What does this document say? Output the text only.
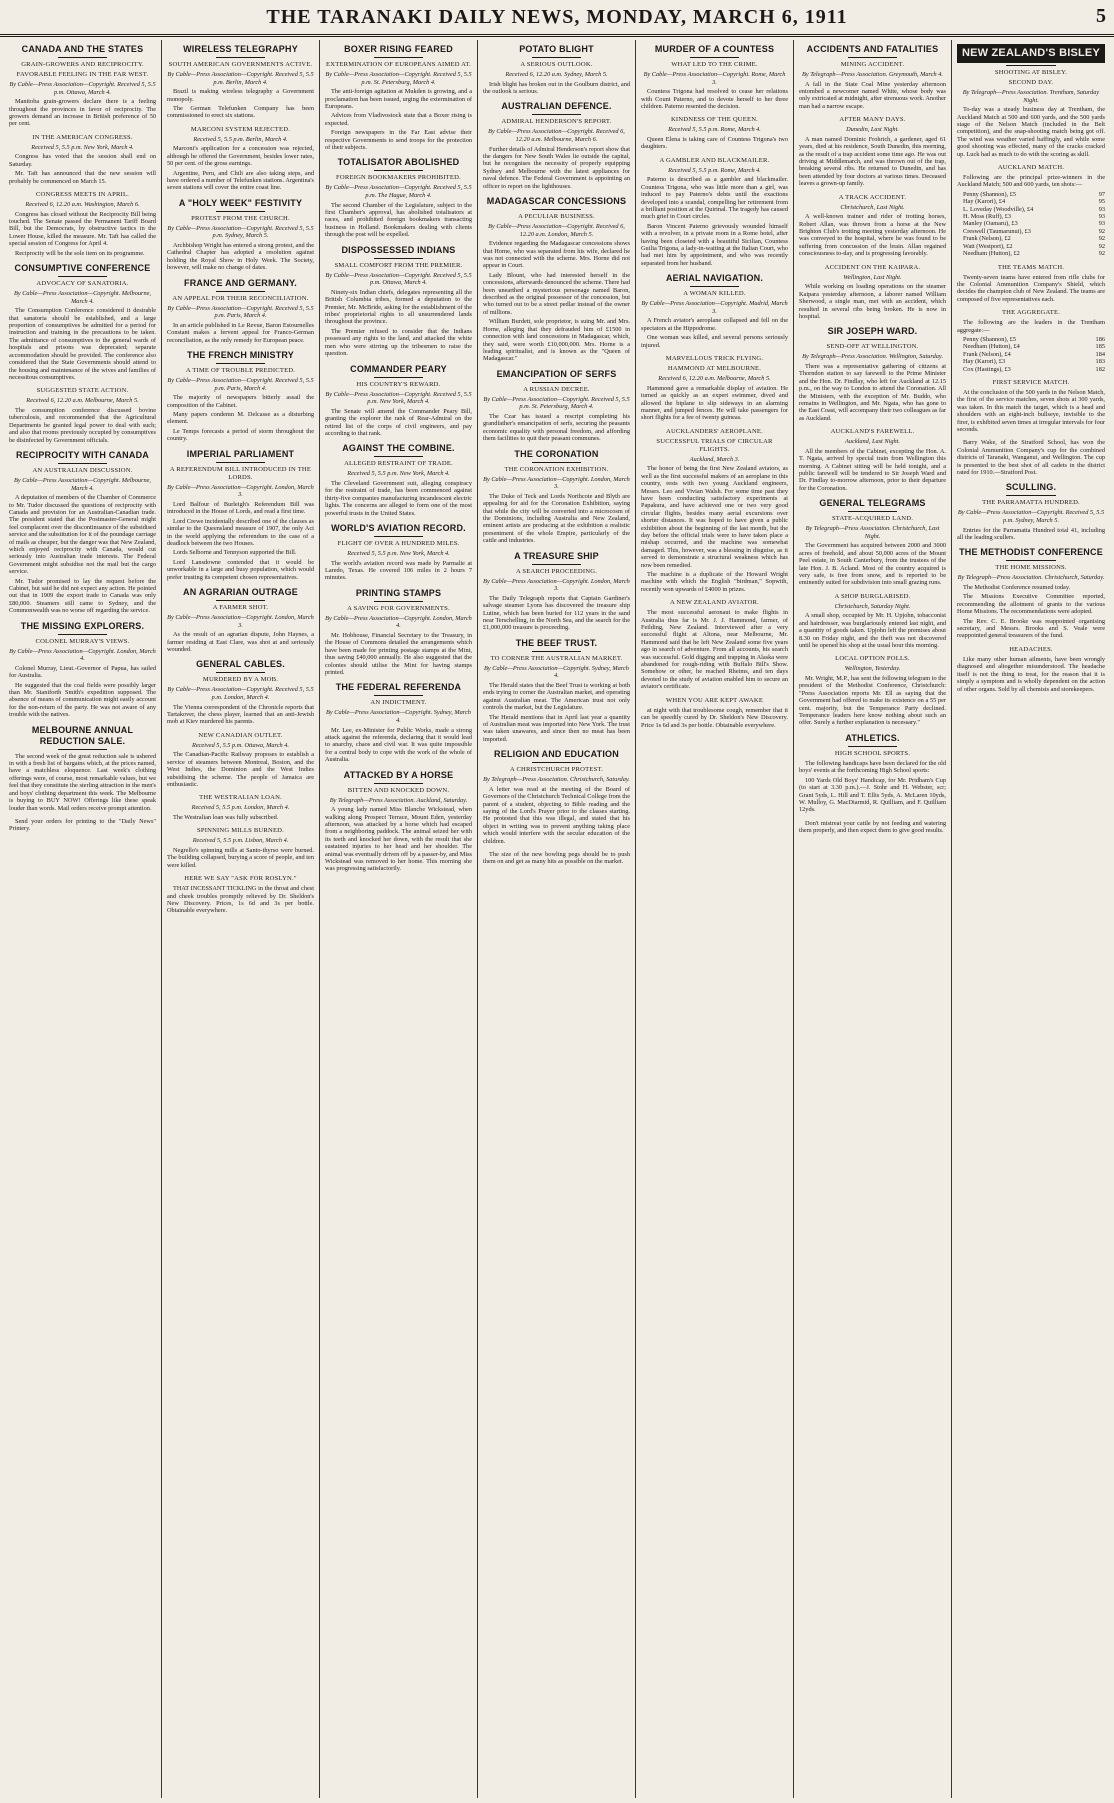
THE TARANAKI DAILY NEWS, MONDAY, MARCH 6, 1911	5
CANADA AND THE STATES
GRAIN-GROWERS AND RECIPROCITY.
FAVORABLE FEELING IN THE FAR WEST.
By Cable—Press Association—Copyright. Received 5, 5.5 p.m. Ottawa, March 4.

Manitoba grain-growers declare there is a feeling throughout the provinces in favor of reciprocity. The growers demand an increase in British preference of 50 per cent.

IN THE AMERICAN CONGRESS.
Received 5, 5.5 p.m. New York, March 4.

Congress has voted that the session shall end on Saturday.

Mr. Taft has announced that the new session will probably be commenced on March 15.

CONGRESS MEETS IN APRIL.
Received 6, 12.20 a.m. Washington, March 6.

Congress has closed without the Reciprocity Bill being touched. The Senate passed the Permanent Tariff Board Bill, but the Democrats, by obstructive tactics in the Lower House, killed the measure. Mr. Taft has called the special session of Congress for April 4.

Reciprocity will be the sole item on its programme.

CONSUMPTIVE CONFERENCE
ADVOCACY OF SANATORIA.
By Cable—Press Association—Copyright. Melbourne, March 4.

The Consumption Conference considered it desirable that sanatoria should be established, and a large proportion of consumptives be admitted for a period for instruction and training in the precautions to be taken. The admittance of consumptives to the general wards of hospitals and prisons was deprecated; separate accommodation should be provided. The conference also considered that the State Governments should attend to the housing and maintenance of the wives and families of necessitous consumptives.

SUGGESTED STATE ACTION.
Received 6, 12.20 a.m. Melbourne, March 5.

The consumption conference discussed bovine tuberculosis, and recommended that the Agricultural Departments be granted legal power to deal with such; and also that rooms previously occupied by consumptives be disinfected by Government officials.

RECIPROCITY WITH CANADA
AN AUSTRALIAN DISCUSSION.
By Cable—Press Association—Copyright. Melbourne, March 4.

A deputation of members of the Chamber of Commerce to Mr. Tudor discussed the questions of reciprocity with Canada and provision for an Australian-Canadian trade. The president stated that the Postmaster-General might feel complacent over the discontinuance of the subsidised service and the substitution for it of the poundage carriage of mails as cheaper, but the danger was that New Zealand, which enjoyed reciprocity with Canada, would cut seriously into Australian trade interests. The Federal Government might subsidise not the mail but the cargo service.

Mr. Tudor promised to lay the request before the Cabinet, but said he did not expect any action. He pointed out that in 1909 the export trade to Canada was only £80,000. Steamers still came to Sydney, and the Commonwealth was no worse off regarding the service.

THE MISSING EXPLORERS.
COLONEL MURRAY'S VIEWS.
By Cable—Press Association—Copyright. London, March 4.

Colonel Murray, Lieut.-Governor of Papua, has sailed for Australia.

He suggested that the coal fields were possibly larger than Mr. Staniforth Smith's expedition supposed. The absence of means of communication might easily account for the non-return of the party. He was not aware of any trouble with the natives.

MELBOURNE ANNUAL REDUCTION SALE.

The second week of the great reduction sale is ushered in with a fresh list of bargains which, at the prices named, have a matchless eloquence. Last week's clothing offerings were, of course, most remarkable values, but we feel that they constitute the sterling attraction in the men's and boys' clothing department this week. The Melbourne is buying to BUY NOW! Offerings like these speak louder than words. Mail orders receive prompt attention.

Send your orders for printing to the "Daily News" Printery.

WIRELESS TELEGRAPHY
SOUTH AMERICAN GOVERNMENTS ACTIVE.
By Cable—Press Association—Copyright. Received 5, 5.5 p.m. Berlin, March 4.

Brazil is making wireless telegraphy a Government monopoly.

The German Telefunken Company has been commissioned to erect six stations.

MARCONI SYSTEM REJECTED.
Received 5, 5.5 p.m. Berlin, March 4.

Marconi's application for a concession was rejected, although he offered the Government, besides lower rates, 50 per cent. of the gross earnings.

Argentine, Peru, and Chili are also taking steps, and have ordered a number of Telefunken stations. Argentina's seven stations will cover the entire coast line.

A "HOLY WEEK" FESTIVITY
PROTEST FROM THE CHURCH.
By Cable—Press Association—Copyright. Received 5, 5.5 p.m. Sydney, March 5.

Archbishop Wright has entered a strong protest, and the Cathedral Chapter has adopted a resolution against holding the Royal Show in Holy Week. The Society, however, will make no change of dates.

FRANCE AND GERMANY.
AN APPEAL FOR THEIR RECONCILIATION.
By Cable—Press Association—Copyright. Received 5, 5.5 p.m. Paris, March 4.

In an article published in Le Revue, Baron Estournelles Constant makes a fervent appeal for Franco-German reconciliation, as the only remedy for European peace.

THE FRENCH MINISTRY
A TIME OF TROUBLE PREDICTED.
By Cable—Press Association—Copyright. Received 5, 5.5 p.m. Paris, March 4.

The majority of newspapers bitterly assail the composition of the Cabinet.

Many papers condemn M. Delcasse as a disturbing element.

Le Temps forecasts a period of storm throughout the country.

IMPERIAL PARLIAMENT
A REFERENDUM BILL INTRODUCED IN THE LORDS.
By Cable—Press Association—Copyright. London, March 3.

Lord Balfour of Burleigh's Referendum Bill was introduced in the House of Lords, and read a first time.

Lord Crewe incidentally described one of the clauses as similar to the Queensland measure of 1907, the only Act in the world applying the referendum to the case of a deadlock between the two Houses.

Lords Selborne and Tennyson supported the Bill.

Lord Lansdowne contended that it would be unworkable in a large and busy population, which would prefer trusting its competent chosen representatives.

AN AGRARIAN OUTRAGE
A FARMER SHOT.
By Cable—Press Association—Copyright. London, March 3.

As the result of an agrarian dispute, John Haynes, a farmer residing at East Clare, was shot at and seriously wounded.

GENERAL CABLES.
MURDERED BY A MOB.
By Cable—Press Association—Copyright. Received 5, 5.5 p.m. London, March 4.

The Vienna correspondent of the Chronicle reports that Tartakover, the chess player, learned that an anti-Jewish mob at Kiev murdered his parents.

NEW CANADIAN OUTLET.
Received 5, 5.5 p.m. Ottawa, March 4.

The Canadian-Pacific Railway proposes to establish a service of steamers between Montreal, Boston, and the West Indies, the Dominion and the West Indies subsidising the scheme. The people of Jamaica are enthusiastic.

THE WESTRALIAN LOAN.
Received 5, 5.5 p.m. London, March 4.

The Westralian loan was fully subscribed.

SPINNING MILLS BURNED.
Received 5, 5.5 p.m. Lisbon, March 4.

Negrello's spinning mills at Santo-thyrso were burned. The building collapsed, burying a score of people, and ten were killed.

HERE WE SAY "ASK FOR ROSLYN."

THAT INCESSANT TICKLING in the throat and chest and cheek troubles promptly relieved by Dr. Sheldon's New Discovery. Prices, 1s 6d and 3s per bottle. Obtainable everywhere.

BOXER RISING FEARED
EXTERMINATION OF EUROPEANS AIMED AT.
By Cable—Press Association—Copyright. Received 5, 5.5 p.m. St. Petersburg, March 4.

The anti-foreign agitation at Mukden is growing, and a proclamation has been issued, urging the extermination of Europeans.

Advices from Vladivostock state that a Boxer rising is expected.

Foreign newspapers in the Far East advise their respective Governments to send troops for the protection of their subjects.

TOTALISATOR ABOLISHED
FOREIGN BOOKMAKERS PROHIBITED.
By Cable—Press Association—Copyright. Received 5, 5.5 p.m. The Hague, March 4.

The second Chamber of the Legislature, subject to the first Chamber's approval, has abolished totalisators at races, and prohibited foreign bookmakers transacting business in Holland. Bookmakers dealing with clients through the post will be expelled.

DISPOSSESSED INDIANS
SMALL COMFORT FROM THE PREMIER.
By Cable—Press Association—Copyright. Received 5, 5.5 p.m. Ottawa, March 4.

Ninety-six Indian chiefs, delegates representing all the British Columbia tribes, formed a deputation to the Premier, Mr. McBride, asking for the establishment of the tribes' proprietorial rights to all unsurrendered lands throughout the province.

The Premier refused to consider that the Indians possessed any rights to the land, and attacked the white men who were stirring up the tribesmen to raise the question.

COMMANDER PEARY
HIS COUNTRY'S REWARD.
By Cable—Press Association—Copyright. Received 5, 5.5 p.m. New York, March 4.

The Senate will amend the Commander Peary Bill, granting the explorer the rank of Rear-Admiral on the retired list of the corps of civil engineers, and pay according to that rank.

AGAINST THE COMBINE.
ALLEGED RESTRAINT OF TRADE.
Received 5, 5.5 p.m. New York, March 4.

The Cleveland Government suit, alleging conspiracy for the restraint of trade, has been commenced against thirty-five companies manufacturing incandescent electric lights. The concerns are alleged to form one of the most powerful trusts in the United States.

WORLD'S AVIATION RECORD.
FLIGHT OF OVER A HUNDRED MILES.
Received 5, 5.5 p.m. New York, March 4.

The world's aviation record was made by Parmalie at Laredo, Texas. He covered 106 miles in 2 hours 7 minutes.

PRINTING STAMPS
A SAVING FOR GOVERNMENTS.
By Cable—Press Association—Copyright. London, March 4.

Mr. Hobhouse, Financial Secretary to the Treasury, in the House of Commons detailed the arrangements which have been made for printing postage stamps at the Mint, thus saving £40,000 annually. He also suggested that the colonies should utilise the Mint for having stamps printed.

THE FEDERAL REFERENDA
AN INDICTMENT.
By Cable—Press Association—Copyright. Sydney, March 4.

Mr. Lee, ex-Minister for Public Works, made a strong attack against the referenda, declaring that it would lead to anarchy, chaos and civil war. It was quite impossible for a central body to cope with the work of the whole of Australia.

ATTACKED BY A HORSE
BITTEN AND KNOCKED DOWN.
By Telegraph—Press Association. Auckland, Saturday.

A young lady named Miss Blanche Wickstead, when walking along Prospect Terrace, Mount Eden, yesterday afternoon, was attacked by a horse which had escaped from a neighboring paddock. The animal seized her with its teeth and knocked her down, with the result that she sustained injuries to her head and her shoulder. The animal was eventually driven off by a passer-by, and Miss Wickstead was removed to her home. This morning she was progressing satisfactorily.

POTATO BLIGHT
A SERIOUS OUTLOOK.
Received 6, 12.20 a.m. Sydney, March 5.

Irish blight has broken out in the Goulburn district, and the outlook is serious.

AUSTRALIAN DEFENCE.
ADMIRAL HENDERSON'S REPORT.
By Cable—Press Association—Copyright. Received 6, 12.20 a.m. Melbourne, March 6.

Further details of Admiral Henderson's report show that the dangers for New South Wales lie outside the capital, but he recognises the necessity of properly equipping Sydney and Melbourne with the latest appliances for naval defence. The Federal Government is appointing an officer to report on the lighthouses.

MADAGASCAR CONCESSIONS
A PECULIAR BUSINESS.
By Cable—Press Association—Copyright. Received 6, 12.20 a.m. London, March 5.

Evidence regarding the Madagascar concessions shows that Horne, who was separated from his wife, declared he was not connected with the scheme. Mrs. Horne did not appear in Court.

Lady Blount, who had interested herself in the concessions, afterwards denounced the scheme. There had been unearthed a mysterious personage named Baron, described as the original possessor of the concession, but who turned out to be a street pedlar instead of the owner of millions.

William Burdett, sole proprietor, is suing Mr. and Mrs. Horne, alleging that they defrauded him of £1500 in connection with land concessions in Madagascar, which, they said, were worth £10,000,000. Mrs. Horne is a leading spiritualist, and is known as the "Queen of Madagascar."

EMANCIPATION OF SERFS
A RUSSIAN DECREE.
By Cable—Press Association—Copyright. Received 5, 5.5 p.m. St. Petersburg, March 4.

The Czar has issued a rescript completing his grandfather's emancipation of serfs, securing the peasants economic equality with personal freedom, and affording them facilities to quit their peasant communes.

THE CORONATION
THE CORONATION EXHIBITION.
By Cable—Press Association—Copyright. London, March 3.

The Duke of Teck and Lords Northcote and Blyth are appealing for aid for the Coronation Exhibition, saying that while the city will be converted into a microcosm of the Dominions, including Australia and New Zealand, eminent artists are producing at the exhibition a realistic presentment of the whole Empire, particularly of the cattle and industries.

A TREASURE SHIP
A SEARCH PROCEEDING.
By Cable—Press Association—Copyright. London, March 3.

The Daily Telegraph reports that Captain Gardiner's salvage steamer Lyons has discovered the treasure ship Lutine, which has been buried for 112 years in the sand near Terschelling, in the North Sea, and the search for the £1,000,000 treasure is proceeding.

THE BEEF TRUST.
TO CORNER THE AUSTRALIAN MARKET.
By Cable—Press Association—Copyright. Sydney, March 4.

The Herald states that the Beef Trust is working at both ends trying to corner the Australian market, and operating against Australian meat. The American trust not only controls the market, but the Legislature.

The Herald mentions that in April last year a quantity of Australian meat was imported into New York. The trust was taken unawares, and since then no meat has been imported.

RELIGION AND EDUCATION
A CHRISTCHURCH PROTEST.
By Telegraph—Press Association. Christchurch, Saturday.

A letter was read at the meeting of the Board of Governors of the Christchurch Technical College from the parent of a student, objecting to Bible reading and the saying of the Lord's Prayer prior to the classes starting. He protested that this was illegal, and stated that his object in writing was to prevent anything taking place which would interfere with the secular education of the children.

The size of the new bowling pegs should be to push them on and get as many hits as possible on the market.

MURDER OF A COUNTESS
WHAT LED TO THE CRIME.
By Cable—Press Association—Copyright. Rome, March 3.

Countess Trigona had resolved to cease her relations with Count Paterno, and to devote herself to her three children. Paterno resented the decision.

KINDNESS OF THE QUEEN.
Received 5, 5.5 p.m. Rome, March 4.

Queen Elena is taking care of Countess Trigona's two daughters.

A GAMBLER AND BLACKMAILER.
Received 5, 5.5 p.m. Rome, March 4.

Paterno is described as a gambler and blackmailer. Countess Trigona, who was little more than a girl, was induced to pay Paterno's debts until the exactions developed into a scandal, compelling her retirement from a brilliant position at the Quirinal. The tragedy has caused much grief in Court circles.

Baron Vincent Paterno grievously wounded himself with a revolver, in a private room in a Rome hotel, after having been closeted with a beautiful Sicilian, Countess Guilia Trigona, a lady-in-waiting at the Italian Court, who had met him by appointment, and who was recently separated from her husband.

AERIAL NAVIGATION.
A WOMAN KILLED.
By Cable—Press Association—Copyright. Madrid, March 3.

A French aviator's aeroplane collapsed and fell on the spectators at the Hippodrome.

One woman was killed, and several persons seriously injured.

MARVELLOUS TRICK FLYING.
HAMMOND AT MELBOURNE.
Received 6, 12.20 a.m. Melbourne, March 5.

Hammond gave a remarkable display of aviation. He turned as quickly as an expert swimmer, dived and allowed the biplane to slip sideways in an alarming manner, and jumped fences. He will take passengers for short flights for a fee of twenty guineas.

AUCKLANDERS' AEROPLANE.
SUCCESSFUL TRIALS OF CIRCULAR FLIGHTS.
Auckland, March 3.

The honor of being the first New Zealand aviators, as well as the first successful makers of an aeroplane in this country, rests with two young Auckland engineers, Messrs. Leo and Vivian Walsh. For some time past they have been conducting satisfactory experiments at Papakura, and have achieved one or two very good circular flights, besides many aerial excursions over shorter distances. It was hoped to have given a public exhibition about the beginning of the last month, but the day before the official trials were to have taken place a mishap occurred, and the machine was somewhat damaged. This, however, was a blessing in disguise, as it served to demonstrate a structural weakness which has now been remedied.

The machine is a duplicate of the Howard Wright machine with which the English "birdman," Sopwith, recently won upwards of £4000 in prizes.

A NEW ZEALAND AVIATOR.

The most successful aeronaut to make flights in Australia thus far is Mr. J. J. Hammond, farmer, of Feilding, New Zealand. Interviewed after a very successful flight at Altona, near Melbourne, Mr. Hammond said that he left New Zealand some five years ago in search of adventure. From all accounts, his search was successful. Gold digging and trapping in Alaska were abandoned for rough-riding with Buffalo Bill's Show. Somehow or other, he reached Rheims, and ten days devoted to the study of aviation enabled him to secure an aviator's certificate.

WHEN YOU ARE KEPT AWAKE

at night with that troublesome cough, remember that it can be speedily cured by Dr. Sheldon's New Discovery. Price 1s 6d and 3s per bottle. Obtainable everywhere.

ACCIDENTS AND FATALITIES
MINING ACCIDENT.
By Telegraph—Press Association. Greymouth, March 4.

A fall in the State Coal Mine yesterday afternoon entombed a newcomer named White, whose body was only extricated at midnight, after strenuous work. Another man had a narrow escape.

AFTER MANY DAYS.
Dunedin, Last Night.

A man named Dominic Frohrich, a gardener, aged 61 years, died at his residence, South Dunedin, this morning, as the result of a trap accident some time ago. He was out driving at Middlemarch, and was thrown out of the trap, breaking several ribs. He returned to Dunedin, and has been attended by four doctors at various times. Deceased leaves a grown-up family.

A TRACK ACCIDENT.
Christchurch, Last Night.

A well-known trainer and rider of trotting horses, Robert Allan, was thrown from a horse at the New Brighton Club's trotting meeting yesterday afternoon. He was conveyed to the hospital, where he was found to be suffering from concussion of the brain. Allan regained consciousness to-day, and is progressing favorably.

ACCIDENT ON THE KAIPARA.
Wellington, Last Night.

While working on loading operations on the steamer Kaipara yesterday afternoon, a laborer named William Sherwood, a single man, met with an accident, which resulted in several ribs being broken. He is now in hospital.

SIR JOSEPH WARD.
SEND-OFF AT WELLINGTON.
By Telegraph—Press Association. Wellington, Saturday.

There was a representative gathering of citizens at Thorndon station to say farewell to the Prime Minister and the Hon. Dr. Findlay, who left for Auckland at 12.15 p.m., on the way to London to attend the Coronation. All the Ministers, with the exception of Mr. Buddo, who remains in Wellington, and Mr. Ngata, who has gone to the East Coast, will accompany their two colleagues as far as Auckland.

AUCKLAND'S FAREWELL.
Auckland, Last Night.

All the members of the Cabinet, excepting the Hon. A. T. Ngata, arrived by special train from Wellington this morning. A Cabinet sitting will be held tonight, and a public farewell will be tendered to Sir Joseph Ward and Dr. Findlay to-morrow afternoon, prior to their departure for the Coronation.

GENERAL TELEGRAMS
STATE-ACQUIRED LAND.
By Telegraph—Press Association. Christchurch, Last Night.

The Government has acquired between 2000 and 3000 acres of freehold, and about 50,000 acres of the Mount Peel estate, in South Canterbury, from the trustees of the late Hon. J. B. Acland. Most of the country acquired is very safe, is free from snow, and is reported to be eminently suited for subdivision into small grazing runs.

A SHOP BURGLARISED.
Christchurch, Saturday Night.

A small shop, occupied by Mr. H. Upjohn, tobacconist and hairdresser, was burglariously entered last night, and a quantity of goods taken. Upjohn left the premises about 8.30 on Friday night, and the theft was not discovered until he opened his shop at the usual hour this morning.

LOCAL OPTION POLLS.
Wellington, Yesterday.

Mr. Wright, M.P., has sent the following telegram to the president of the Methodist Conference, Christchurch: "Press Association reports Mr. Ell as saying that the Government had offered to make its existence on a 55 per cent. majority, but the Temperance Party declined. Temperance leaders here know nothing about such an offer. Surely a further explanation is necessary."

ATHLETICS.
HIGH SCHOOL SPORTS.

The following handicaps have been declared for the old boys' events at the forthcoming High School sports:

100 Yards Old Boys' Handicap, for Mr. Pridham's Cup (to start at 3.30 p.m.).—J. Stohr and H. Webster, scr; Grant 5yds, L. Hill and T. Ellis 5yds, A. McLaren 10yds, W. Mulloy, G. MacDiarmid, R. Quilliam, and F. Quilliam 12yds.

Don't mistreat your cattle by not feeding and watering them properly, and then expect them to give good results.

NEW ZEALAND'S BISLEY
SHOOTING AT BISLEY.
SECOND DAY.
By Telegraph—Press Association. Trentham, Saturday Night.

To-day was a steady business day at Trentham, the Auckland Match at 500 and 600 yards, and the 500 yards stage of the Nelson Match (included in the Belt competition), and the snap-shooting match being got off. The wind was weather varied baffingly, and while some good shooting was effected, many of the cracks cracked up. Luck had as much to do with the scoring as skill.

AUCKLAND MATCH.

Following are the principal prize-winners in the Auckland Match; 500 and 600 yards, ten shots:—

Penny (Shannon), £5	97
Hay (Karori), £4	95
L. Loveday (Woodville), £4	93
H. Moss (Ruff), £3	93
Manley (Oamaru), £3	93
Creswell (Taumarunui), £3	92
Frank (Nelson), £2	92
Watt (Westport), £2	92
Needham (Hutton), £2	92
THE TEAMS MATCH.

Twenty-seven teams have entered from rifle clubs for the Colonial Ammunition Company's Shield, which decides the champion club of New Zealand. The teams are composed of five representatives each.

THE AGGREGATE.

The following are the leaders in the Trentham aggregate:—

Penny (Shannon), £5	186
Needham (Hutton), £4	185
Frank (Nelson), £4	184
Hay (Karori), £3	183
Cox (Hastings), £3	182
FIRST SERVICE MATCH.

At the conclusion of the 500 yards in the Nelson Match, the first of the service matches, seven shots at 300 yards, was taken. In this match the target, which is a head and shoulders with an eight-inch bullseye, invisible to the firer, is exhibited seven times at irregular intervals for four seconds.

Barry Wake, of the Stratford School, has won the Colonial Ammunition Company's cup for the combined districts of Taranaki, Wanganui, and Wellington. The cup is presented to the best shot of all cadets in the district rated for 1910.—Stratford Post.

SCULLING.
THE PARRAMATTA HUNDRED.
By Cable—Press Association—Copyright. Received 5, 5.5 p.m. Sydney, March 5.

Entries for the Parramatta Hundred total 41, including all the leading scullers.

THE METHODIST CONFERENCE
THE HOME MISSIONS.
By Telegraph—Press Association. Christchurch, Saturday.

The Methodist Conference resumed today.

The Missions Executive Committee reported, recommending the allotment of grants to the various Home Missions. The recommendations were adopted.

The Rev. C. E. Brooke was reappointed organising secretary, and Messrs. Brooks and S. Veale were reappointed general treasurers of the fund.

HEADACHES.

Like many other human ailments, have been wrongly diagnosed and altogether misunderstood. The headache itself is not the thing to treat, for the reason that it is simply a symptom and is wholly dependent on the action of other organs. Sold by all chemists and storekeepers.
